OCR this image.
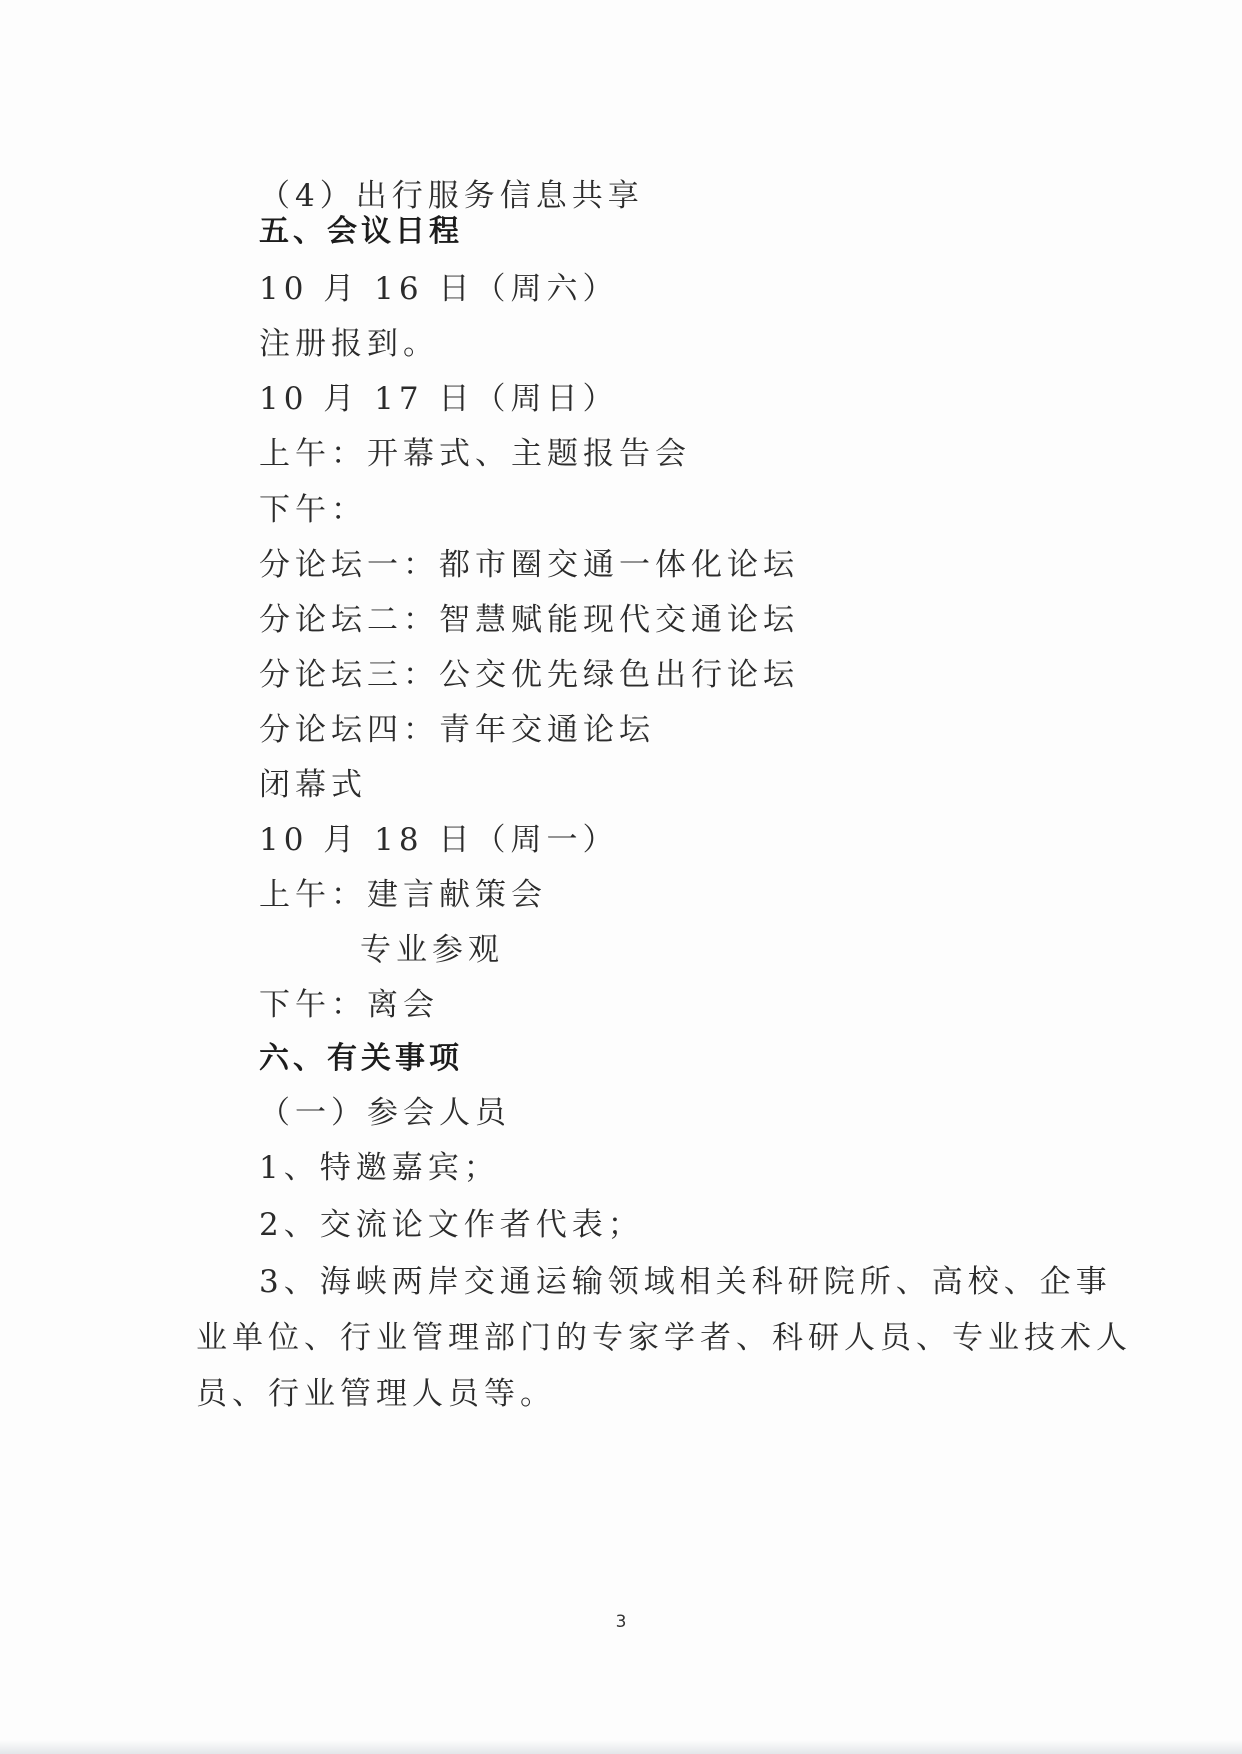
（4）出行服务信息共享
五、会议日程
10 月 16 日（周六）
注册报到。
10 月 17 日（周日）
上午：开幕式、主题报告会
下午：
分论坛一：都市圈交通一体化论坛
分论坛二：智慧赋能现代交通论坛
分论坛三：公交优先绿色出行论坛
分论坛四：青年交通论坛
闭幕式
10 月 18 日（周一）
上午：建言献策会
专业参观
下午：离会
六、有关事项
（一）参会人员
1、特邀嘉宾；
2、交流论文作者代表；
3、海峡两岸交通运输领域相关科研院所、高校、企事
业单位、行业管理部门的专家学者、科研人员、专业技术人
员、行业管理人员等。
3
